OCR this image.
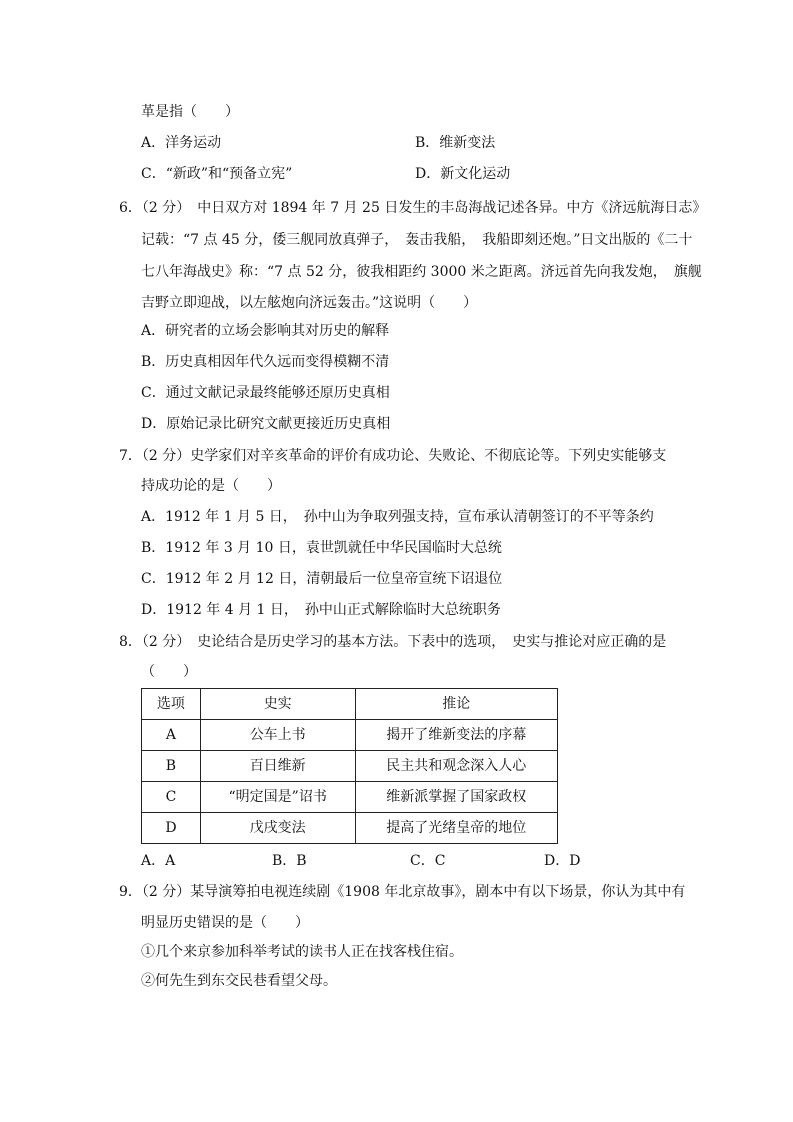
革是指（　　）
A．洋务运动	B．维新变法
C．“新政”和“预备立宪”	D．新文化运动
6．（2 分）　中日双方对 1894 年 7 月 25 日发生的丰岛海战记述各异。中方《济远航海日志》
记载：“7 点 45 分，倭三舰同放真弹子，　轰击我船，　我船即刻还炮。”日文出版的《二十
七八年海战史》称：“7 点 52 分，彼我相距约 3000 米之距离。济远首先向我发炮，　旗舰
吉野立即迎战，以左舷炮向济远轰击。”这说明（　　）
A．研究者的立场会影响其对历史的解释
B．历史真相因年代久远而变得模糊不清
C．通过文献记录最终能够还原历史真相
D．原始记录比研究文献更接近历史真相
7．（2 分）史学家们对辛亥革命的评价有成功论、失败论、不彻底论等。下列史实能够支
持成功论的是（　　）
A．1912 年 1 月 5 日，　孙中山为争取列强支持，宣布承认清朝签订的不平等条约
B．1912 年 3 月 10 日，袁世凯就任中华民国临时大总统
C．1912 年 2 月 12 日，清朝最后一位皇帝宣统下诏退位
D．1912 年 4 月 1 日，　孙中山正式解除临时大总统职务
8．（2 分）　史论结合是历史学习的基本方法。下表中的选项，　史实与推论对应正确的是
（　　）
选项	史实	推论
A	公车上书	揭开了维新变法的序幕
B	百日维新	民主共和观念深入人心
C	“明定国是”诏书	维新派掌握了国家政权
D	戊戌变法	提高了光绪皇帝的地位
A．A	B．B	C．C	D．D
9．（2 分）某导演筹拍电视连续剧《1908 年北京故事》，剧本中有以下场景，你认为其中有
明显历史错误的是（　　）
①几个来京参加科举考试的读书人正在找客栈住宿。
②何先生到东交民巷看望父母。
